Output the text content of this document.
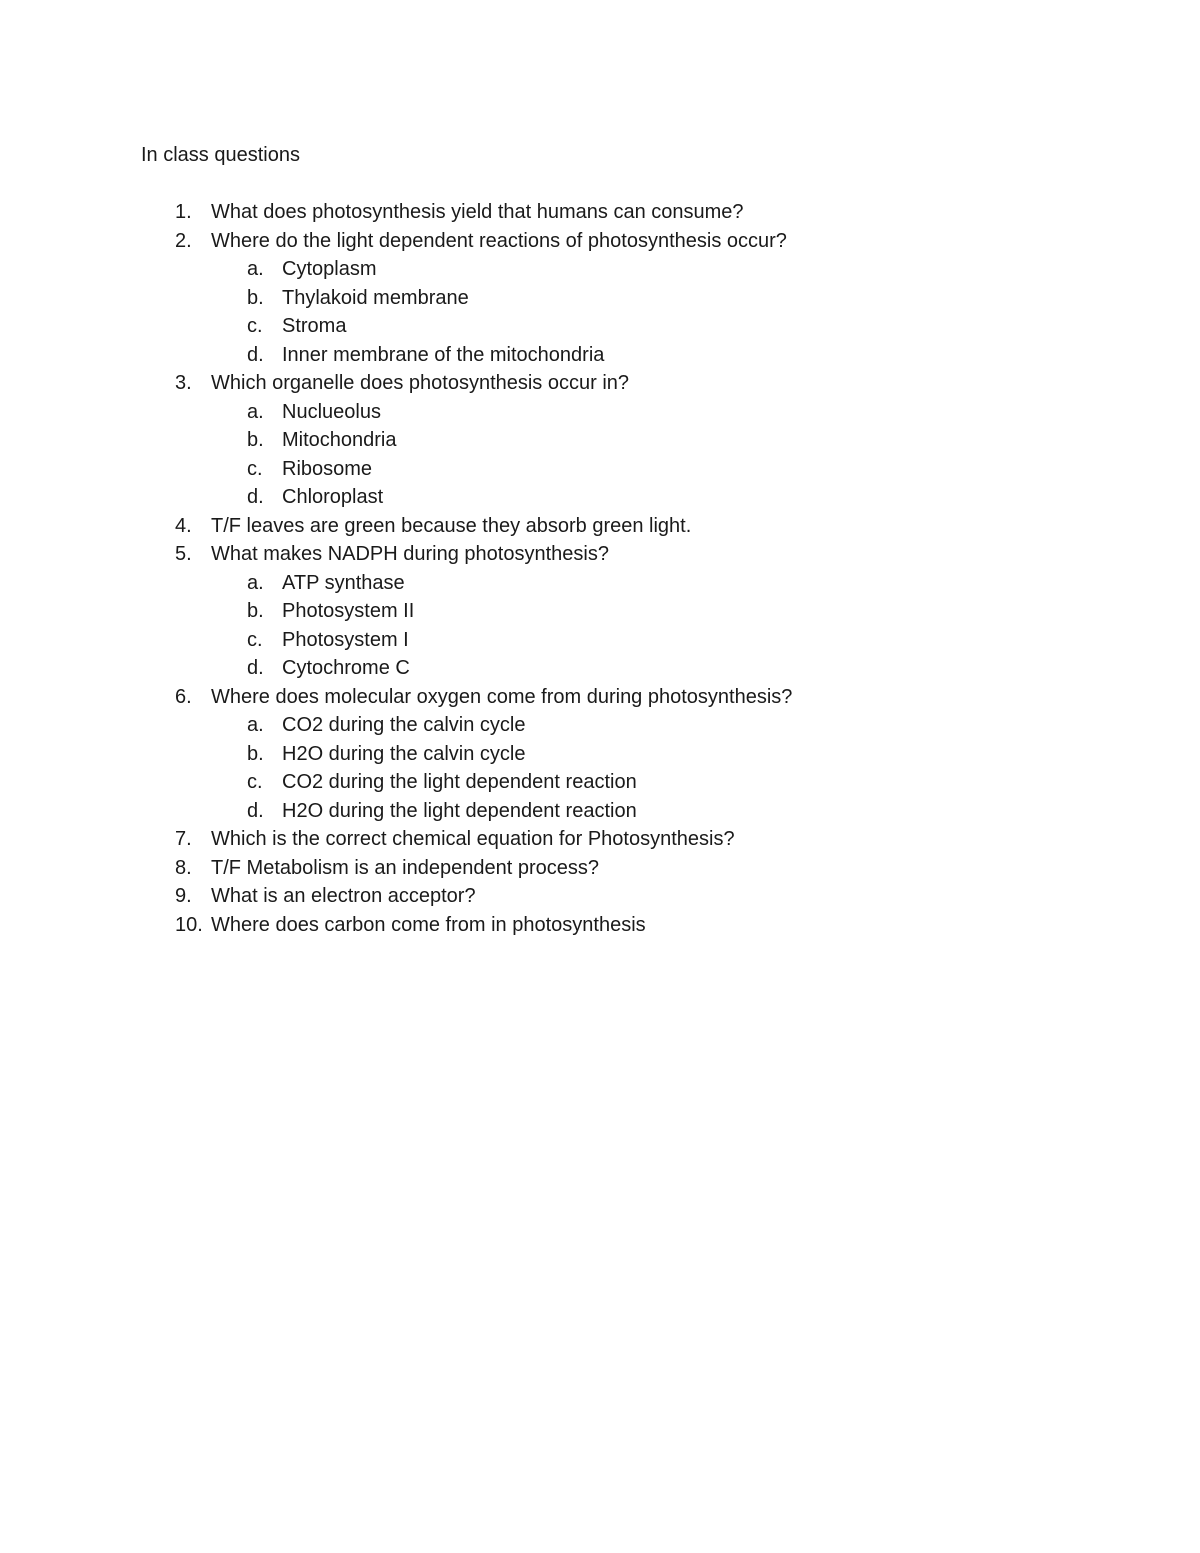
In class questions
1. What does photosynthesis yield that humans can consume?
2. Where do the light dependent reactions of photosynthesis occur?
a. Cytoplasm
b. Thylakoid membrane
c. Stroma
d. Inner membrane of the mitochondria
3. Which organelle does photosynthesis occur in?
a. Nuclueolus
b. Mitochondria
c. Ribosome
d. Chloroplast
4. T/F leaves are green because they absorb green light.
5. What makes NADPH during photosynthesis?
a. ATP synthase
b. Photosystem II
c. Photosystem I
d. Cytochrome C
6. Where does molecular oxygen come from during photosynthesis?
a. CO2 during the calvin cycle
b. H2O during the calvin cycle
c. CO2 during the light dependent reaction
d. H2O during the light dependent reaction
7. Which is the correct chemical equation for Photosynthesis?
8. T/F Metabolism is an independent process?
9. What is an electron acceptor?
10. Where does carbon come from in photosynthesis
